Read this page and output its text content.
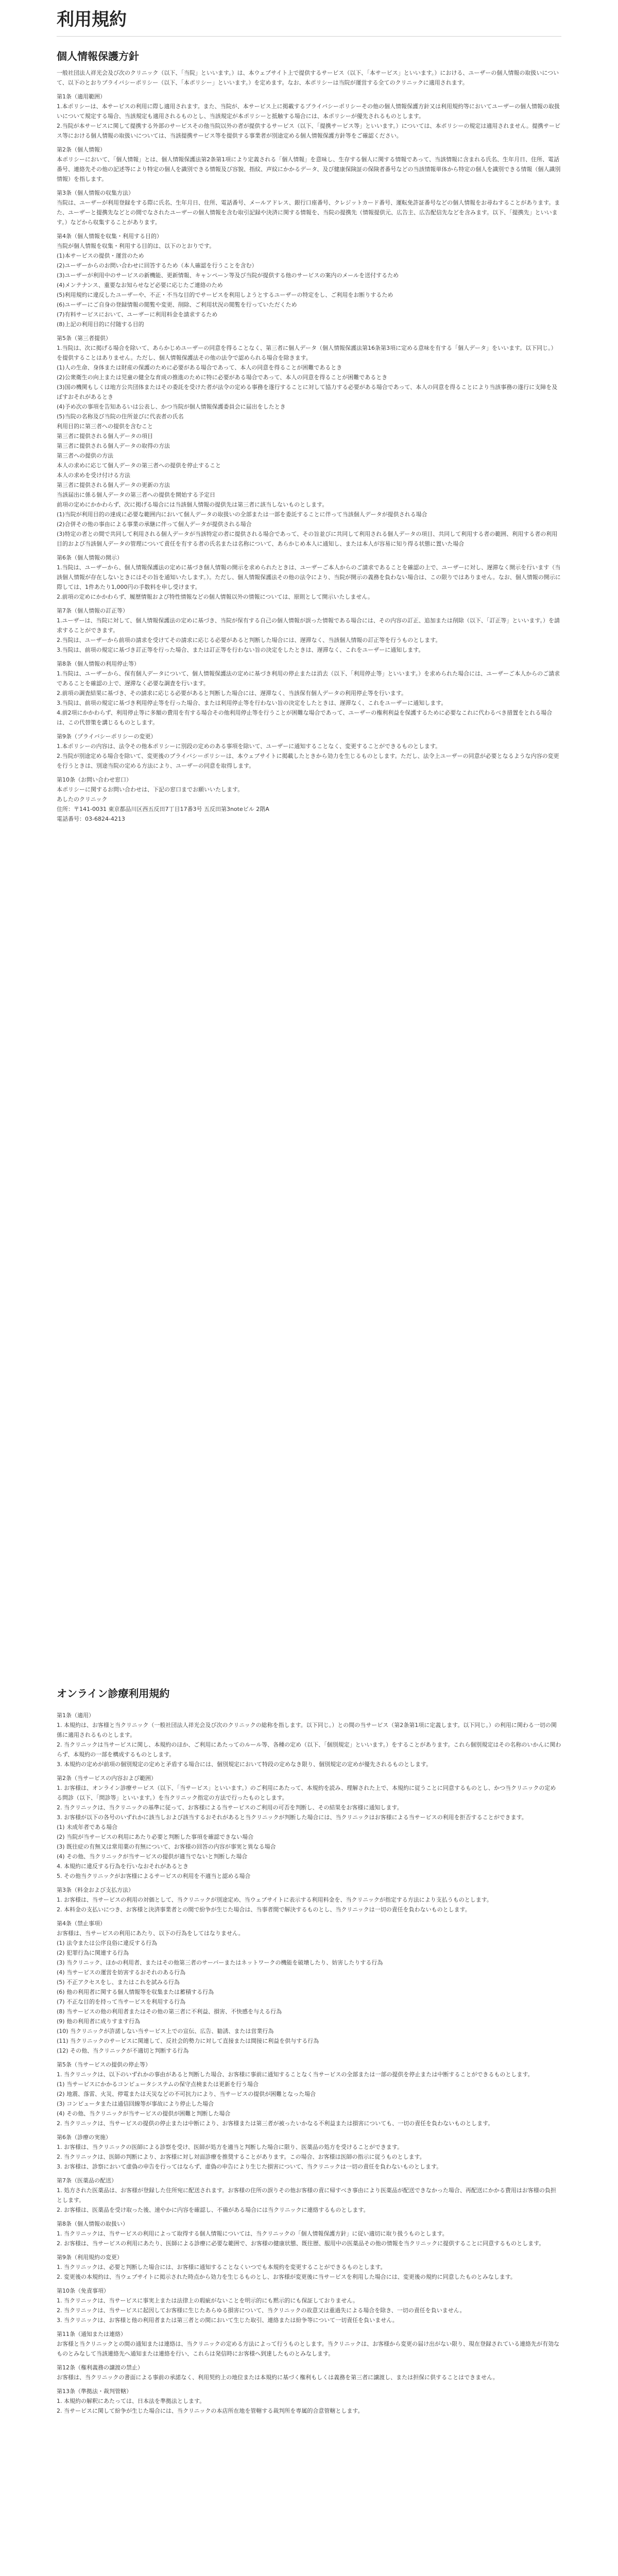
利用規約
個人情報保護方針

一般社団法人祥光会及び次のクリニック（以下、「当院」といいます。）は、本ウェブサイト上で提供するサービス（以下、「本サービス」といいます。）における、ユーザーの個人情報の取扱いについて、以下のとおりプライバシーポリシー（以下、「本ポリシー」といいます。）を定めます。なお、本ポリシーは当院が運営する全てのクリニックに適用されます。

第1条（適用範囲）

1.本ポリシーは、本サービスの利用に際し適用されます。また、当院が、本サービス上に掲載するプライバシーポリシーその他の個人情報保護方針又は利用規約等においてユーザーの個人情報の取扱いについて規定する場合、当該規定も適用されるものとし、当該規定が本ポリシーと抵触する場合には、本ポリシーが優先されるものとします。

2.当院が本サービスに関して提携する外部のサービスその他当院以外の者が提供するサービス（以下、「提携サービス等」といいます。）については、本ポリシーの規定は適用されません。提携サービス等における個人情報の取扱いについては、当該提携サービス等を提供する事業者が別途定める個人情報保護方針等をご確認ください。

第2条（個人情報）

本ポリシーにおいて、「個人情報」とは、個人情報保護法第2条第1項により定義される「個人情報」を意味し、生存する個人に関する情報であって、当該情報に含まれる氏名、生年月日、住所、電話番号、連絡先その他の記述等により特定の個人を識別できる情報及び容貌、指紋、声紋にかかるデータ、及び健康保険証の保険者番号などの当該情報単体から特定の個人を識別できる情報（個人識別情報）を指します。

第3条（個人情報の収集方法）

当院は、ユーザーが利用登録をする際に氏名、生年月日、住所、電話番号、メールアドレス、銀行口座番号、クレジットカード番号、運転免許証番号などの個人情報をお尋ねすることがあります。また、ユーザーと提携先などとの間でなされたユーザーの個人情報を含む取引記録や決済に関する情報を、当院の提携先（情報提供元、広告主、広告配信先などを含みます。以下、「提携先」といいます。）などから収集することがあります。

第4条（個人情報を収集・利用する目的）

当院が個人情報を収集・利用する目的は、以下のとおりです。

(1)本サービスの提供・運営のため

(2)ユーザーからのお問い合わせに回答するため（本人確認を行うことを含む）

(3)ユーザーが利用中のサービスの新機能、更新情報、キャンペーン等及び当院が提供する他のサービスの案内のメールを送付するため

(4)メンテナンス、重要なお知らせなど必要に応じたご連絡のため

(5)利用規約に違反したユーザーや、不正・不当な目的でサービスを利用しようとするユーザーの特定をし、ご利用をお断りするため

(6)ユーザーにご自身の登録情報の閲覧や変更、削除、ご利用状況の閲覧を行っていただくため

(7)有料サービスにおいて、ユーザーに利用料金を請求するため

(8)上記の利用目的に付随する目的

第5条（第三者提供）

1.当院は、次に掲げる場合を除いて、あらかじめユーザーの同意を得ることなく、第三者に個人データ（個人情報保護法第16条第3項に定める意味を有する「個人データ」をいいます。以下同じ。）を提供することはありません。ただし、個人情報保護法その他の法令で認められる場合を除きます。

(1)人の生命、身体または財産の保護のために必要がある場合であって、本人の同意を得ることが困難であるとき

(2)公衆衛生の向上または児童の健全な育成の推進のために特に必要がある場合であって、本人の同意を得ることが困難であるとき

(3)国の機関もしくは地方公共団体またはその委託を受けた者が法令の定める事務を遂行することに対して協力する必要がある場合であって、本人の同意を得ることにより当該事務の遂行に支障を及ぼすおそれがあるとき

(4)予め次の事項を告知あるいは公表し、かつ当院が個人情報保護委員会に届出をしたとき

(5)当院の名称及び当院の住所並びに代表者の氏名

利用目的に第三者への提供を含むこと

第三者に提供される個人データの項目

第三者に提供される個人データの取得の方法

第三者への提供の方法

本人の求めに応じて個人データの第三者への提供を停止すること

本人の求めを受け付ける方法

第三者に提供される個人データの更新の方法

当該届出に係る個人データの第三者への提供を開始する予定日

前項の定めにかかわらず、次に掲げる場合には当該個人情報の提供先は第三者に該当しないものとします。

(1)当院が利用目的の達成に必要な範囲内において個人データの取扱いの全部または一部を委託することに伴って当該個人データが提供される場合

(2)合併その他の事由による事業の承継に伴って個人データが提供される場合

(3)特定の者との間で共同して利用される個人データが当該特定の者に提供される場合であって、その旨並びに共同して利用される個人データの項目、共同して利用する者の範囲、利用する者の利用目的および当該個人データの管理について責任を有する者の氏名または名称について、あらかじめ本人に通知し、または本人が容易に知り得る状態に置いた場合

第6条（個人情報の開示）

1.当院は、ユーザーから、個人情報保護法の定めに基づき個人情報の開示を求められたときは、ユーザーご本人からのご請求であることを確認の上で、ユーザーに対し、遅滞なく開示を行います（当該個人情報が存在しないときにはその旨を通知いたします。）。ただし、個人情報保護法その他の法令により、当院が開示の義務を負わない場合は、この限りではありません。なお、個人情報の開示に際しては、1件あたり1,000円の手数料を申し受けます。

2.前項の定めにかかわらず、履歴情報および特性情報などの個人情報以外の情報については、原則として開示いたしません。

第7条（個人情報の訂正等）

1.ユーザーは、当院に対して、個人情報保護法の定めに基づき、当院が保有する自己の個人情報が誤った情報である場合には、その内容の訂正、追加または削除（以下、「訂正等」といいます。）を請求することができます。

2.当院は、ユーザーから前項の請求を受けてその請求に応じる必要があると判断した場合には、遅滞なく、当該個人情報の訂正等を行うものとします。

3.当院は、前項の規定に基づき訂正等を行った場合、または訂正等を行わない旨の決定をしたときは、遅滞なく、これをユーザーに通知します。

第8条（個人情報の利用停止等）

1.当院は、ユーザーから、保有個人データについて、個人情報保護法の定めに基づき利用の停止または消去（以下、「利用停止等」といいます。）を求められた場合には、ユーザーご本人からのご請求であることを確認の上で、遅滞なく必要な調査を行います。

2.前項の調査結果に基づき、その請求に応じる必要があると判断した場合には、遅滞なく、当該保有個人データの利用停止等を行います。

3.当院は、前項の規定に基づき利用停止等を行った場合、または利用停止等を行わない旨の決定をしたときは、遅滞なく、これをユーザーに通知します。

4.前2項にかかわらず、利用停止等に多額の費用を有する場合その他利用停止等を行うことが困難な場合であって、ユーザーの権利利益を保護するために必要なこれに代わるべき措置をとれる場合は、この代替策を講じるものとします。

第9条（プライバシーポリシーの変更）

1.本ポリシーの内容は、法令その他本ポリシーに別段の定めのある事項を除いて、ユーザーに通知することなく、変更することができるものとします。

2.当院が別途定める場合を除いて、変更後のプライバシーポリシーは、本ウェブサイトに掲載したときから効力を生じるものとします。ただし、法令上ユーザーの同意が必要となるような内容の変更を行うときは、別途当院の定める方法により、ユーザーの同意を取得します。

第10条（お問い合わせ窓口）

本ポリシーに関するお問い合わせは、下記の窓口までお願いいたします。

あしたのクリニック

住所：〒141-0031 東京都品川区西五反田7丁目17番3号 五反田第3noteビル 2階A

電話番号：03-6824-4213

オンライン診療利用規約

第1条（適用）

1. 本規約は、お客様と当クリニック（一般社団法人祥光会及び次のクリニックの総称を指します。以下同じ。）との間の当サービス（第2条第1項に定義します。以下同じ。）の利用に関わる一切の関係に適用されるものとします。

2. 当クリニックは当サービスに関し、本規約のほか、ご利用にあたってのルール等、各種の定め（以下、「個別規定」といいます。）をすることがあります。これら個別規定はその名称のいかんに関わらず、本規約の一部を構成するものとします。

3. 本規約の定めが前項の個別規定の定めと矛盾する場合には、個別規定において特段の定めなき限り、個別規定の定めが優先されるものとします。

第2条（当サービスの内容および範囲）

1. お客様は、オンライン診療サービス（以下、「当サービス」といいます。）のご利用にあたって、本規約を読み、理解された上で、本規約に従うことに同意するものとし、かつ当クリニックの定める問診（以下、「問診等」といいます。）を当クリニック指定の方法で行ったものとします。

2. 当クリニックは、当クリニックの基準に従って、お客様による当サービスのご利用の可否を判断し、その結果をお客様に通知します。

3. お客様が以下の各号のいずれかに該当しおよび該当するおそれがあると当クリニックが判断した場合には、当クリニックはお客様による当サービスの利用を拒否することができます。

(1) 未成年者である場合

(2) 当院が当サービスの利用にあたり必要と判断した事項を確認できない場合

(3) 既往症の有無又は常用薬の有無について、お客様の回答の内容が事実と異なる場合

(4) その他、当クリニックが当サービスの提供が適当でないと判断した場合

4. 本規約に違反する行為を行いなおそれがあるとき

5. その他当クリニックがお客様によるサービスの利用を不適当と認める場合

第3条（料金および支払方法）

1. お客様は、当サービスの利用の対価として、当クリニックが別途定め、当ウェブサイトに表示する利用料金を、当クリニックが指定する方法により支払うものとします。

2. 本料金の支払いにつき、お客様と決済事業者との間で紛争が生じた場合は、当事者間で解決するものとし、当クリニックは一切の責任を負わないものとします。

第4条（禁止事項）

お客様は、当サービスの利用にあたり、以下の行為をしてはなりません。

(1) 法令または公序良俗に違反する行為

(2) 犯罪行為に関連する行為

(3) 当クリニック、ほかの利用者、またはその他第三者のサーバーまたはネットワークの機能を破壊したり、妨害したりする行為

(4) 当サービスの運営を妨害するおそれのある行為

(5) 不正アクセスをし、またはこれを試みる行為

(6) 他の利用者に関する個人情報等を収集または蓄積する行為

(7) 不正な目的を持って当サービスを利用する行為

(8) 当サービスの他の利用者またはその他の第三者に不利益、損害、不快感を与える行為

(9) 他の利用者に成りすます行為

(10) 当クリニックが許諾しない当サービス上での宣伝、広告、勧誘、または営業行為

(11) 当クリニックのサービスに関連して、反社会的勢力に対して直接または間接に利益を供与する行為

(12) その他、当クリニックが不適切と判断する行為

第5条（当サービスの提供の停止等）

1. 当クリニックは、以下のいずれかの事由があると判断した場合、お客様に事前に通知することなく当サービスの全部または一部の提供を停止または中断することができるものとします。

(1) 当サービスにかかるコンピュータシステムの保守点検または更新を行う場合

(2) 地震、落雷、火災、停電または天災などの不可抗力により、当サービスの提供が困難となった場合

(3) コンピュータまたは通信回線等が事故により停止した場合

(4) その他、当クリニックが当サービスの提供が困難と判断した場合

2. 当クリニックは、当サービスの提供の停止または中断により、お客様または第三者が被ったいかなる不利益または損害についても、一切の責任を負わないものとします。

第6条（診療の実施）

1. お客様は、当クリニックの医師による診察を受け、医師が処方を適当と判断した場合に限り、医薬品の処方を受けることができます。

2. 当クリニックは、医師の判断により、お客様に対し対面診療を推奨することがあります。この場合、お客様は医師の指示に従うものとします。

3. お客様は、診察において虚偽の申告を行ってはならず、虚偽の申告により生じた損害について、当クリニックは一切の責任を負わないものとします。

第7条（医薬品の配送）

1. 処方された医薬品は、お客様が登録した住所宛に配送されます。お客様の住所の誤りその他お客様の責に帰すべき事由により医薬品が配送できなかった場合、再配送にかかる費用はお客様の負担とします。

2. お客様は、医薬品を受け取った後、速やかに内容を確認し、不備がある場合には当クリニックに連絡するものとします。

第8条（個人情報の取扱い）

1. 当クリニックは、当サービスの利用によって取得する個人情報については、当クリニックの「個人情報保護方針」に従い適切に取り扱うものとします。

2. お客様は、当サービスの利用にあたり、医師による診療に必要な範囲で、お客様の健康状態、既往歴、服用中の医薬品その他の情報を当クリニックに提供することに同意するものとします。

第9条（利用規約の変更）

1. 当クリニックは、必要と判断した場合には、お客様に通知することなくいつでも本規約を変更することができるものとします。

2. 変更後の本規約は、当ウェブサイトに掲示された時点から効力を生じるものとし、お客様が変更後に当サービスを利用した場合には、変更後の規約に同意したものとみなします。

第10条（免責事項）

1. 当クリニックは、当サービスに事実上または法律上の瑕疵がないことを明示的にも黙示的にも保証しておりません。

2. 当クリニックは、当サービスに起因してお客様に生じたあらゆる損害について、当クリニックの故意又は重過失による場合を除き、一切の責任を負いません。

3. 当クリニックは、お客様と他の利用者または第三者との間において生じた取引、連絡または紛争等について一切責任を負いません。

第11条（通知または連絡）

お客様と当クリニックとの間の通知または連絡は、当クリニックの定める方法によって行うものとします。当クリニックは、お客様から変更の届け出がない限り、現在登録されている連絡先が有効なものとみなして当該連絡先へ通知または連絡を行い、これらは発信時にお客様へ到達したものとみなします。

第12条（権利義務の譲渡の禁止）

お客様は、当クリニックの書面による事前の承諾なく、利用契約上の地位または本規約に基づく権利もしくは義務を第三者に譲渡し、または担保に供することはできません。

第13条（準拠法・裁判管轄）

1. 本規約の解釈にあたっては、日本法を準拠法とします。

2. 当サービスに関して紛争が生じた場合には、当クリニックの本店所在地を管轄する裁判所を専属的合意管轄とします。
